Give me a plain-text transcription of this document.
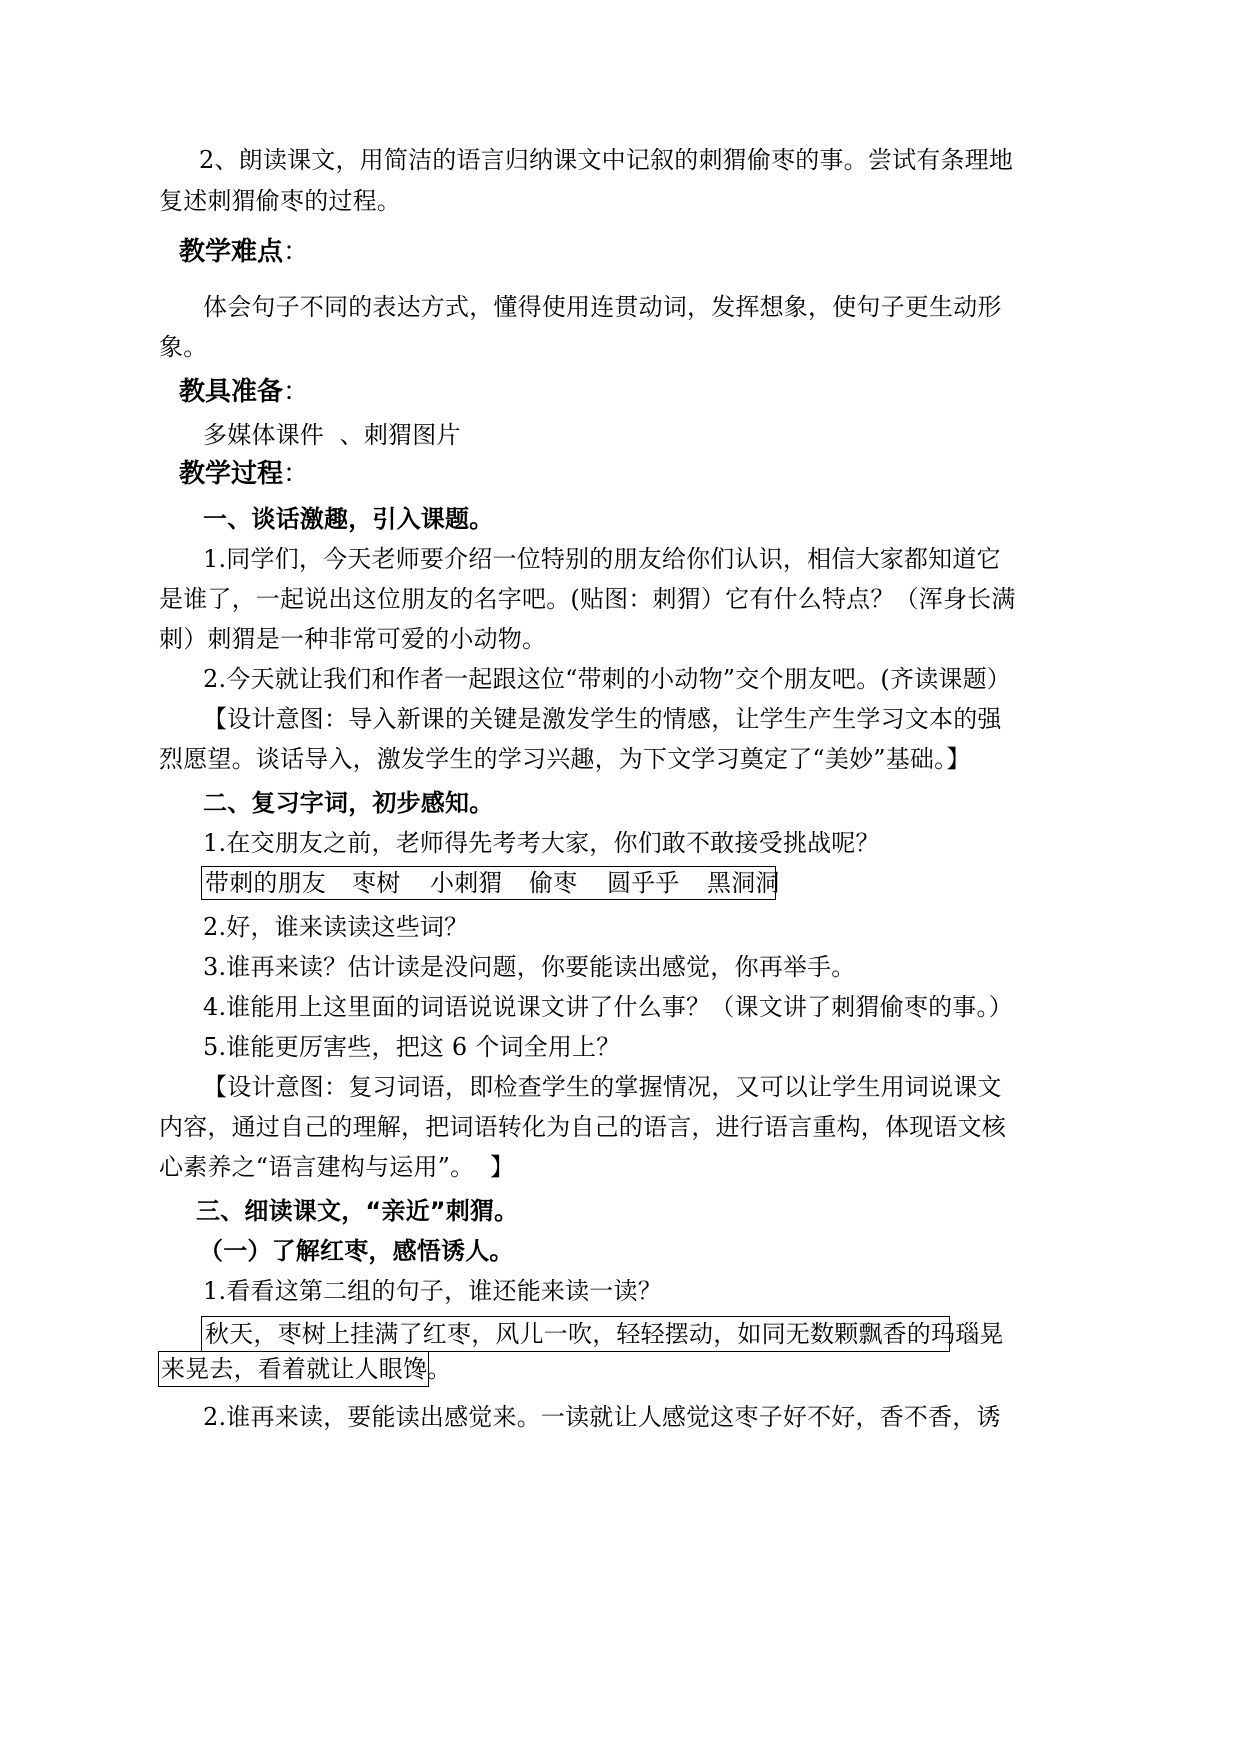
2、朗读课文，用简洁的语言归纳课文中记叙的刺猬偷枣的事。尝试有条理地
复述刺猬偷枣的过程。
教学难点：
体会句子不同的表达方式，懂得使用连贯动词，发挥想象，使句子更生动形
象。
教具准备：
多媒体课件  、刺猬图片
教学过程：
一、谈话激趣，引入课题。
1.同学们，今天老师要介绍一位特别的朋友给你们认识，相信大家都知道它
是谁了，一起说出这位朋友的名字吧。(贴图：刺猬）它有什么特点？（浑身长满
刺）刺猬是一种非常可爱的小动物。
2.今天就让我们和作者一起跟这位“带刺的小动物”交个朋友吧。(齐读课题）
【设计意图：导入新课的关键是激发学生的情感，让学生产生学习文本的强
烈愿望。谈话导入，激发学生的学习兴趣，为下文学习奠定了“美妙”基础。】
二、复习字词，初步感知。
1.在交朋友之前，老师得先考考大家，你们敢不敢接受挑战呢？
带刺的朋友 枣树 小刺猬 偷枣 圆乎乎 黑洞洞
2.好，谁来读读这些词？
3.谁再来读？估计读是没问题，你要能读出感觉，你再举手。
4.谁能用上这里面的词语说说课文讲了什么事？（课文讲了刺猬偷枣的事。）
5.谁能更厉害些，把这 6 个词全用上？
【设计意图：复习词语，即检查学生的掌握情况，又可以让学生用词说课文
内容，通过自己的理解，把词语转化为自己的语言，进行语言重构，体现语文核
心素养之“语言建构与运用”。  】
三、细读课文，“亲近”刺猬。
（一）了解红枣，感悟诱人。
1.看看这第二组的句子，谁还能来读一读？
秋天，枣树上挂满了红枣，风儿一吹，轻轻摆动，如同无数颗飘香的玛瑙晃
来晃去，看着就让人眼馋。
2.谁再来读，要能读出感觉来。一读就让人感觉这枣子好不好，香不香，诱
